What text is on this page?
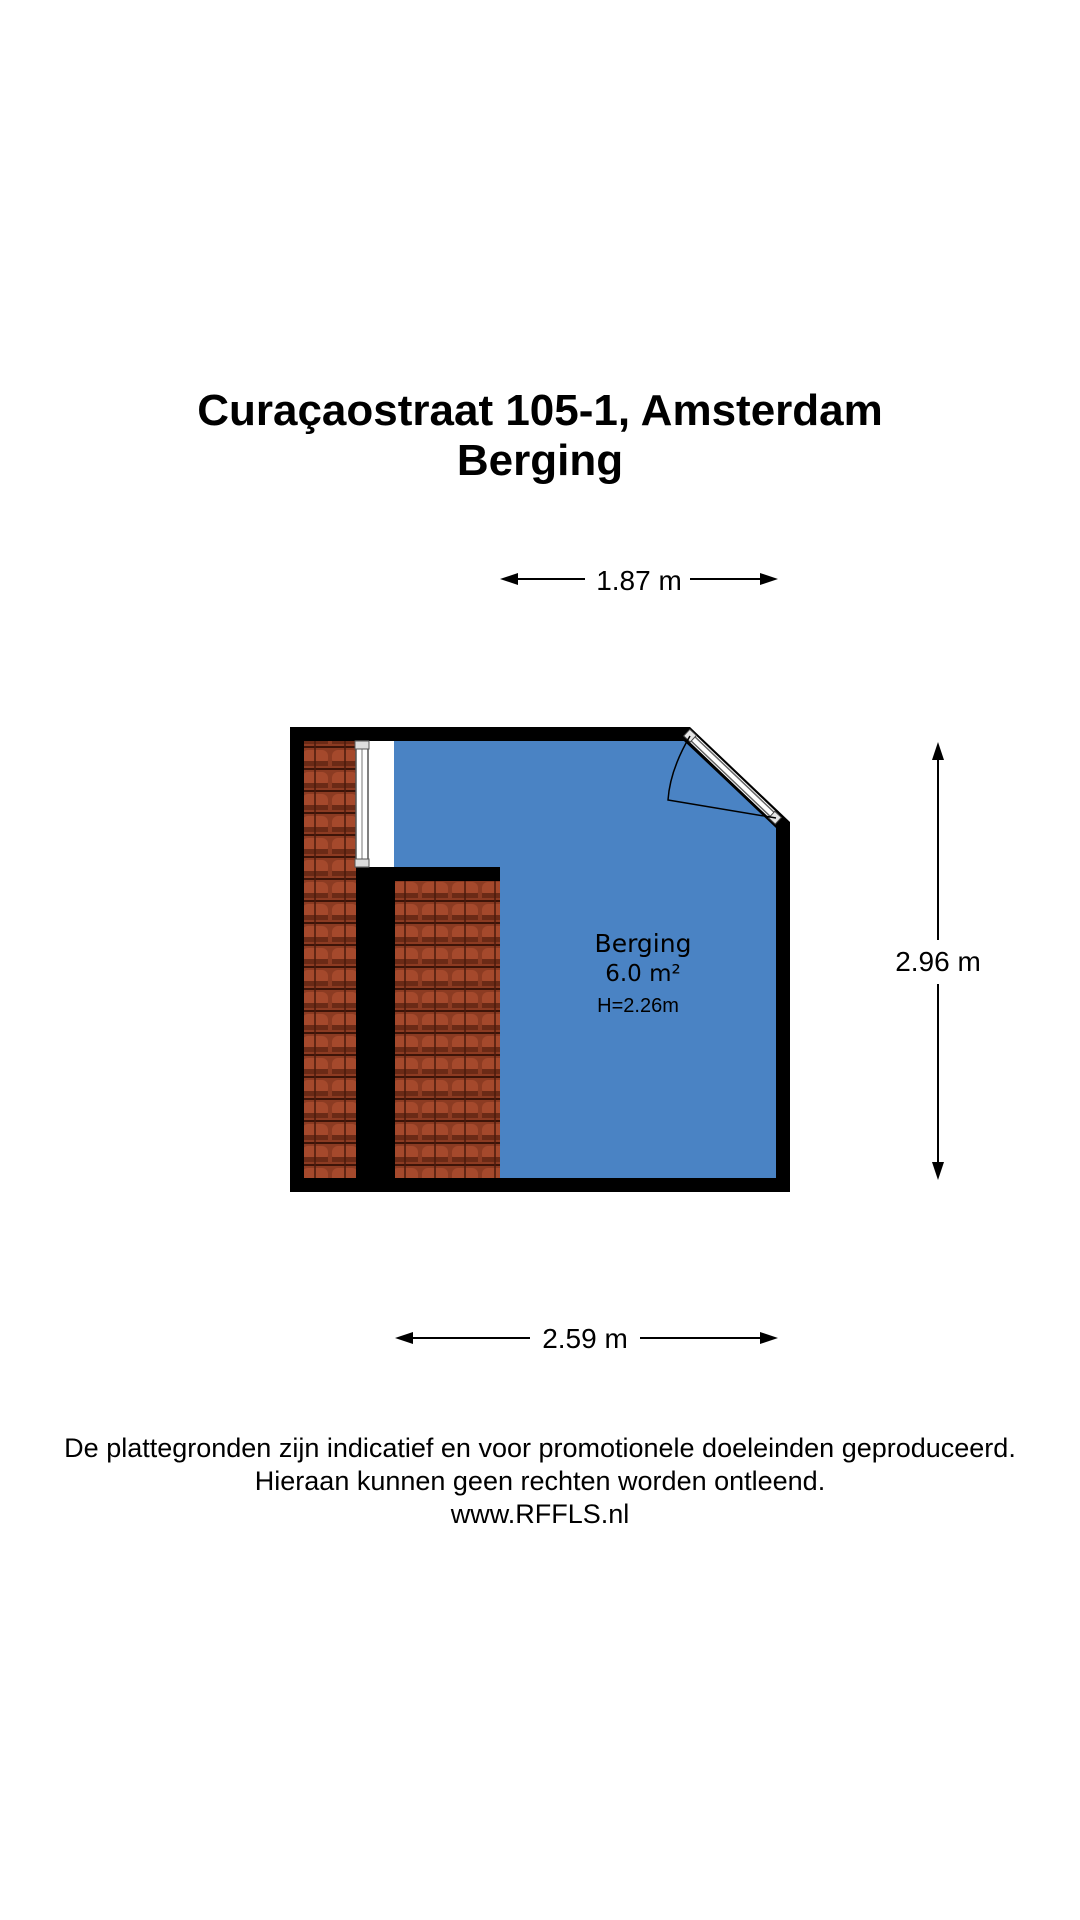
Curaçaostraat 105-1, Amsterdam
Berging
1.87 m
2.96 m
2.59 m
Berging
6.0 m²
H=2.26m
De plattegronden zijn indicatief en voor promotionele doeleinden geproduceerd.
Hieraan kunnen geen rechten worden ontleend.
www.RFFLS.nl
